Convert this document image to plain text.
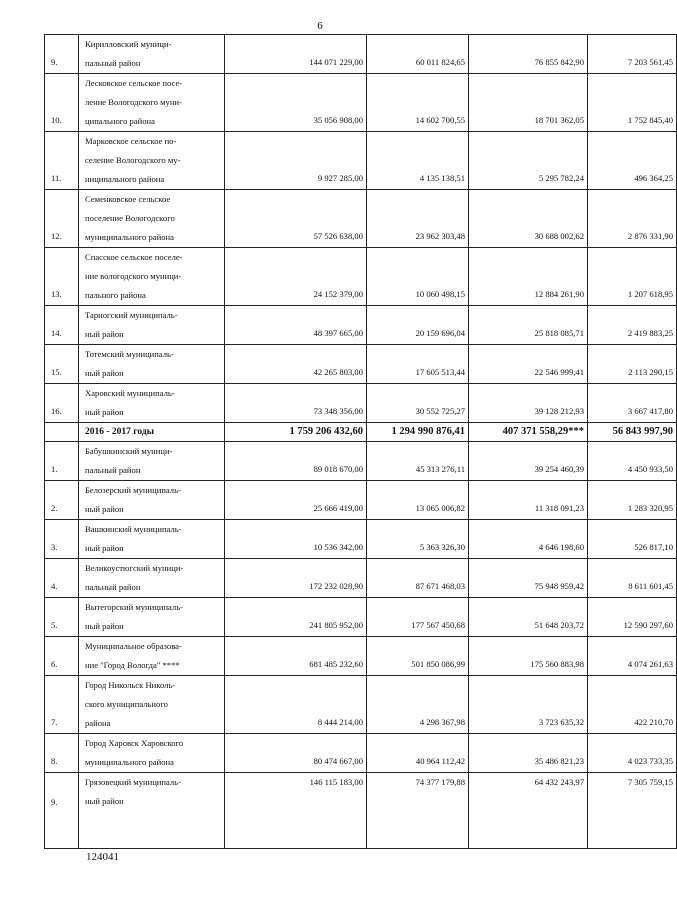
6
9.	Кирилловский муници-
пальный район	144 071 229,00	60 011 824,65	76 855 842,90	7 203 561,45
10.	Лесковское сельское посе-
ление Вологодского муни-
ципального района	35 056 908,00	14 602 700,55	18 701 362,05	1 752 845,40
11.	Марковское сельское по-
селение Вологодского му-
ниципального района	9 927 285,00	4 135 138,51	5 295 782,24	496 364,25
12.	Семенковское сельское
поселение Вологодского
муниципального района	57 526 638,00	23 962 303,48	30 688 002,62	2 876 331,90
13.	Спасское сельское поселе-
ние вологодского муници-
пального района	24 152 379,00	10 060 498,15	12 884 261,90	1 207 618,95
14.	Тарногский муниципаль-
ный район	48 397 665,00	20 159 696,04	25 818 085,71	2 419 883,25
15.	Тотемский муниципаль-
ный район	42 265 803,00	17 605 513,44	22 546 999,41	2 113 290,15
16.	Харовский муниципаль-
ный район	73 348 356,00	30 552 725,27	39 128 212,93	3 667 417,80
	2016 - 2017 годы	1 759 206 432,60	1 294 990 876,41	407 371 558,29***	56 843 997,90
1.	Бабушкинский муници-
пальный район	89 018 670,00	45 313 276,11	39 254 460,39	4 450 933,50
2.	Белозерский муниципаль-
ный район	25 666 419,00	13 065 006,82	11 318 091,23	1 283 320,95
3.	Вашкинский муниципаль-
ный район	10 536 342,00	5 363 326,30	4 646 198,60	526 817,10
4.	Великоустюгский муници-
пальный район	172 232 028,90	87 671 468,03	75 948 959,42	8 611 601,45
5.	Вытегорский муниципаль-
ный район	241 805 952,00	177 567 450,68	51 648 203,72	12 590 297,60
6.	Муниципальное образова-
ние "Город Вологда" ****	681 485 232,60	501 850 086,99	175 560 883,98	4 074 261,63
7.	Город Никольск Николь-
ского муниципального
района	8 444 214,00	4 298 367,98	3 723 635,32	422 210,70
8.	Город Харовск Харовского
муниципального района	80 474 667,00	40 964 112,42	35 486 821,23	4 023 733,35
9.	Грязовецкий муниципаль-
ный район	146 115 183,00	74 377 179,88	64 432 243,97	7 305 759,15
124041
